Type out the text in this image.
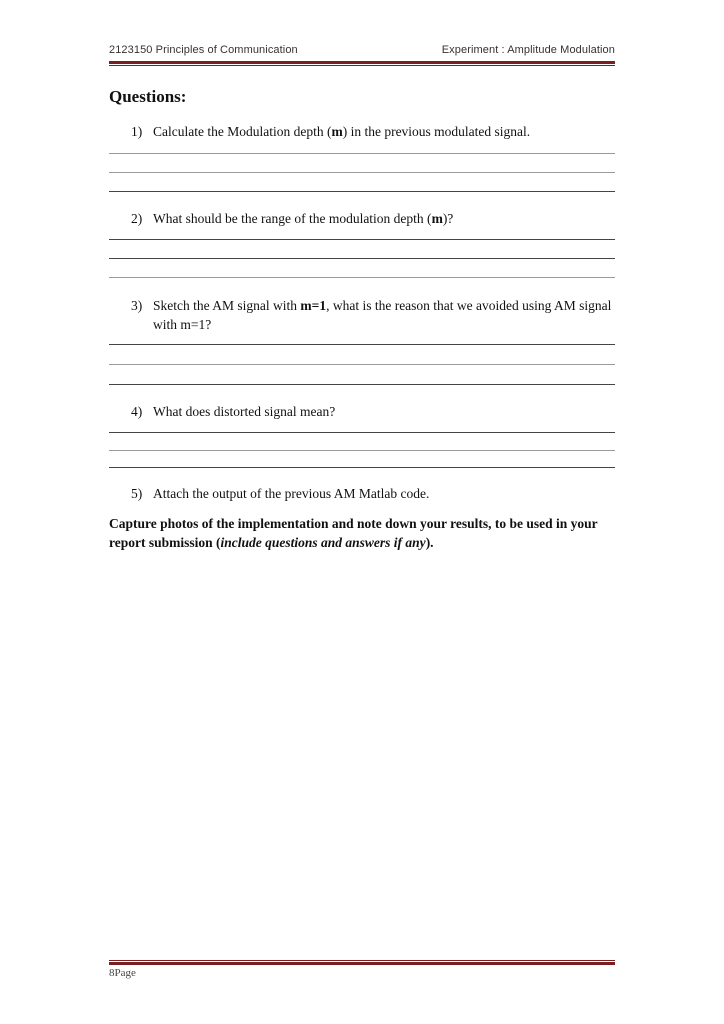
2123150 Principles of Communication	Experiment : Amplitude Modulation
Questions:
1) Calculate the Modulation depth (m) in the previous modulated signal.
2) What should be the range of the modulation depth (m)?
3) Sketch the AM signal with m=1, what is the reason that we avoided using AM signal with m=1?
4) What does distorted signal mean?
5) Attach the output of the previous AM Matlab code.
Capture photos of the implementation and note down your results, to be used in your report submission (include questions and answers if any).
8Page
